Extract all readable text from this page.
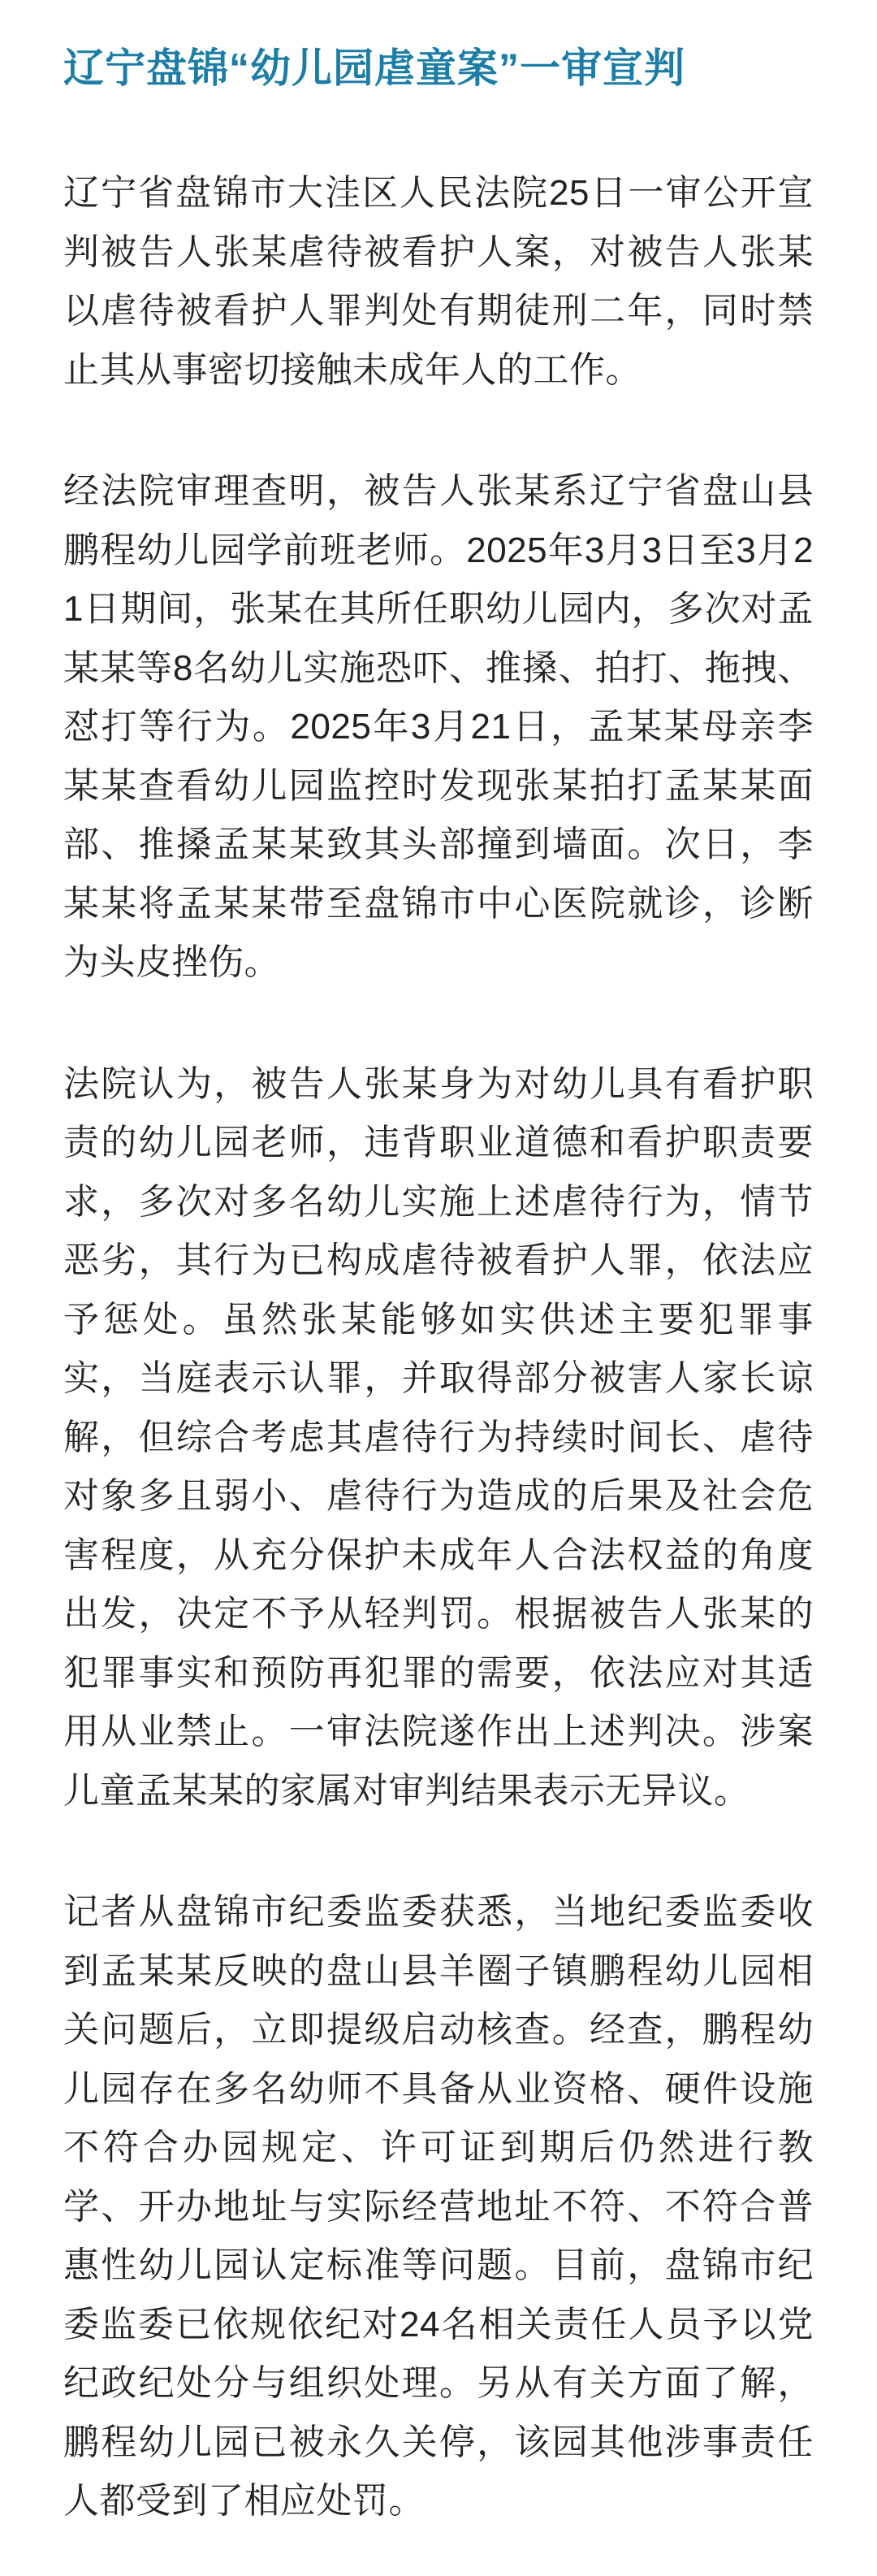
辽宁盘锦“幼儿园虐童案”一审宣判

辽宁省盘锦市大洼区人民法院25日一审公开宣判被告人张某虐待被看护人案，对被告人张某以虐待被看护人罪判处有期徒刑二年，同时禁止其从事密切接触未成年人的工作。

经法院审理查明，被告人张某系辽宁省盘山县鹏程幼儿园学前班老师。2025年3月3日至3月21日期间，张某在其所任职幼儿园内，多次对孟某某等8名幼儿实施恐吓、推搡、拍打、拖拽、怼打等行为。2025年3月21日，孟某某母亲李某某查看幼儿园监控时发现张某拍打孟某某面部、推搡孟某某致其头部撞到墙面。次日，李某某将孟某某带至盘锦市中心医院就诊，诊断为头皮挫伤。

法院认为，被告人张某身为对幼儿具有看护职责的幼儿园老师，违背职业道德和看护职责要求，多次对多名幼儿实施上述虐待行为，情节恶劣，其行为已构成虐待被看护人罪，依法应予惩处。虽然张某能够如实供述主要犯罪事实，当庭表示认罪，并取得部分被害人家长谅解，但综合考虑其虐待行为持续时间长、虐待对象多且弱小、虐待行为造成的后果及社会危害程度，从充分保护未成年人合法权益的角度出发，决定不予从轻判罚。根据被告人张某的犯罪事实和预防再犯罪的需要，依法应对其适用从业禁止。一审法院遂作出上述判决。涉案儿童孟某某的家属对审判结果表示无异议。

记者从盘锦市纪委监委获悉，当地纪委监委收到孟某某反映的盘山县羊圈子镇鹏程幼儿园相关问题后，立即提级启动核查。经查，鹏程幼儿园存在多名幼师不具备从业资格、硬件设施不符合办园规定、许可证到期后仍然进行教学、开办地址与实际经营地址不符、不符合普惠性幼儿园认定标准等问题。目前，盘锦市纪委监委已依规依纪对24名相关责任人员予以党纪政纪处分与组织处理。另从有关方面了解，鹏程幼儿园已被永久关停，该园其他涉事责任人都受到了相应处罚。
